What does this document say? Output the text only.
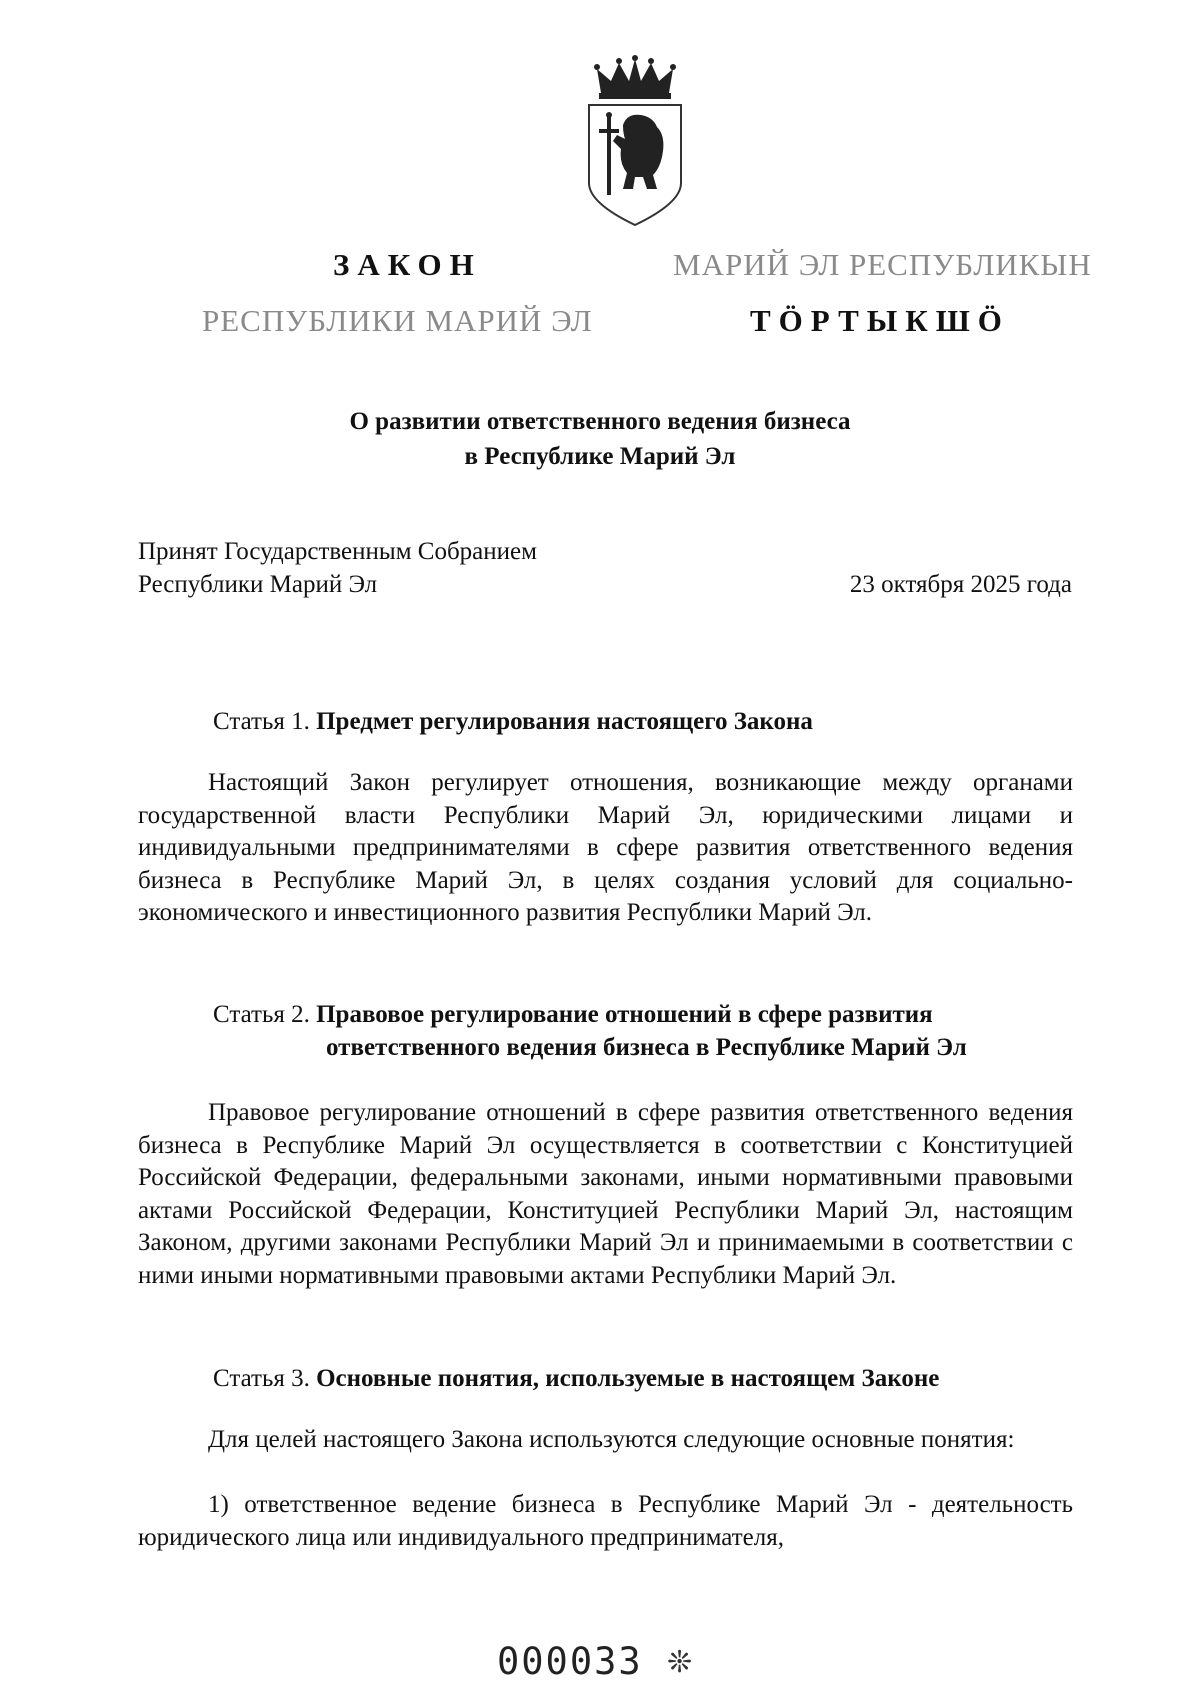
ЗАКОН	МАРИЙ ЭЛ РЕСПУБЛИКЫН
РЕСПУБЛИКИ МАРИЙ ЭЛ	ТӦРТЫКШӦ
О развитии ответственного ведения бизнеса
в Республике Марий Эл
Принят Государственным Собранием
Республики Марий Эл	23 октября 2025 года
Статья 1. Предмет регулирования настоящего Закона
Настоящий Закон регулирует отношения, возникающие между органами государственной власти Республики Марий Эл, юридическими лицами и индивидуальными предпринимателями в сфере развития ответственного ведения бизнеса в Республике Марий Эл, в целях создания условий для социально-экономического и инвестиционного развития Республики Марий Эл.
Статья 2. Правовое регулирование отношений в сфере развития
ответственного ведения бизнеса в Республике Марий Эл
Правовое регулирование отношений в сфере развития ответственного ведения бизнеса в Республике Марий Эл осуществляется в соответствии с Конституцией Российской Федерации, федеральными законами, иными нормативными правовыми актами Российской Федерации, Конституцией Республики Марий Эл, настоящим Законом, другими законами Республики Марий Эл и принимаемыми в соответствии с ними иными нормативными правовыми актами Республики Марий Эл.
Статья 3. Основные понятия, используемые в настоящем Законе
Для целей настоящего Закона используются следующие основные понятия:
1) ответственное ведение бизнеса в Республике Марий Эл - деятельность юридического лица или индивидуального предпринимателя,
000033 ❊
